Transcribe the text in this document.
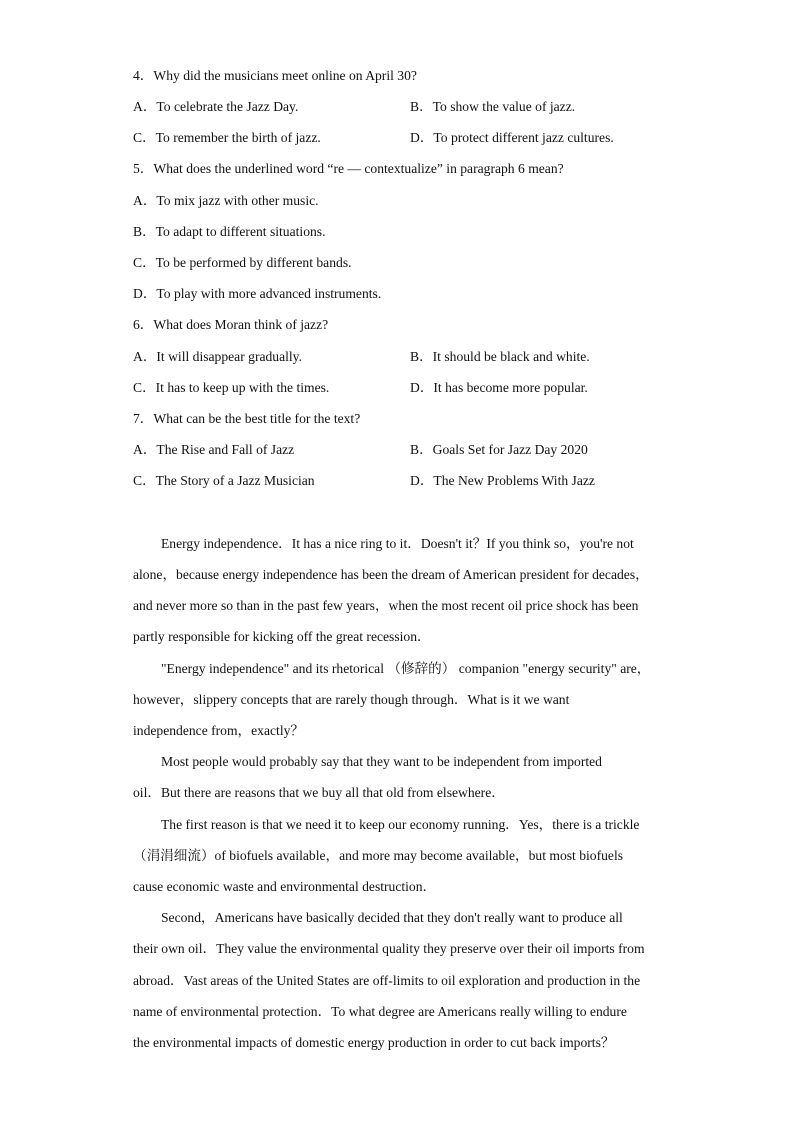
4．Why did the musicians meet online on April 30?
A．To celebrate the Jazz Day.	B．To show the value of jazz.
C．To remember the birth of jazz.	D．To protect different jazz cultures.
5．What does the underlined word “re — contextualize” in paragraph 6 mean?
A．To mix jazz with other music.
B．To adapt to different situations.
C．To be performed by different bands.
D．To play with more advanced instruments.
6．What does Moran think of jazz?
A．It will disappear gradually.	B．It should be black and white.
C．It has to keep up with the times.	D．It has become more popular.
7．What can be the best title for the text?
A．The Rise and Fall of Jazz	B．Goals Set for Jazz Day 2020
C．The Story of a Jazz Musician	D．The New Problems With Jazz
Energy independence．It has a nice ring to it．Doesn't it？If you think so，you're not
alone，because energy independence has been the dream of American president for decades，
and never more so than in the past few years，when the most recent oil price shock has been
partly responsible for kicking off the great recession．
"Energy independence" and its rhetorical （修辞的） companion "energy security" are，
however，slippery concepts that are rarely though through．What is it we want
independence from，exactly？
Most people would probably say that they want to be independent from imported
oil．But there are reasons that we buy all that old from elsewhere．
The first reason is that we need it to keep our economy running．Yes，there is a trickle
（涓涓细流）of biofuels available，and more may become available，but most biofuels
cause economic waste and environmental destruction．
Second，Americans have basically decided that they don't really want to produce all
their own oil．They value the environmental quality they preserve over their oil imports from
abroad．Vast areas of the United States are off-limits to oil exploration and production in the
name of environmental protection．To what degree are Americans really willing to endure
the environmental impacts of domestic energy production in order to cut back imports？
